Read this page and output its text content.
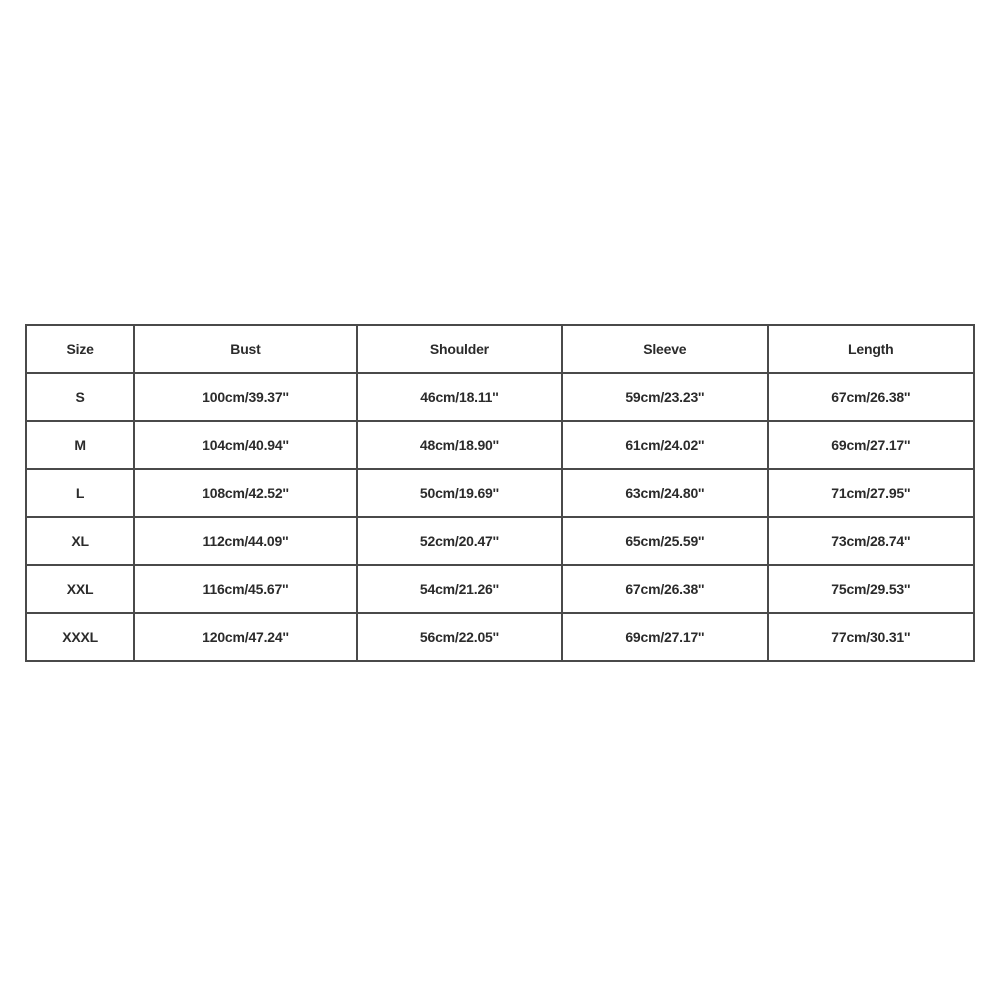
Size	Bust	Shoulder	Sleeve	Length
S	100cm/39.37''	46cm/18.11''	59cm/23.23''	67cm/26.38''
M	104cm/40.94''	48cm/18.90''	61cm/24.02''	69cm/27.17''
L	108cm/42.52''	50cm/19.69''	63cm/24.80''	71cm/27.95''
XL	112cm/44.09''	52cm/20.47''	65cm/25.59''	73cm/28.74''
XXL	116cm/45.67''	54cm/21.26''	67cm/26.38''	75cm/29.53''
XXXL	120cm/47.24''	56cm/22.05''	69cm/27.17''	77cm/30.31''
